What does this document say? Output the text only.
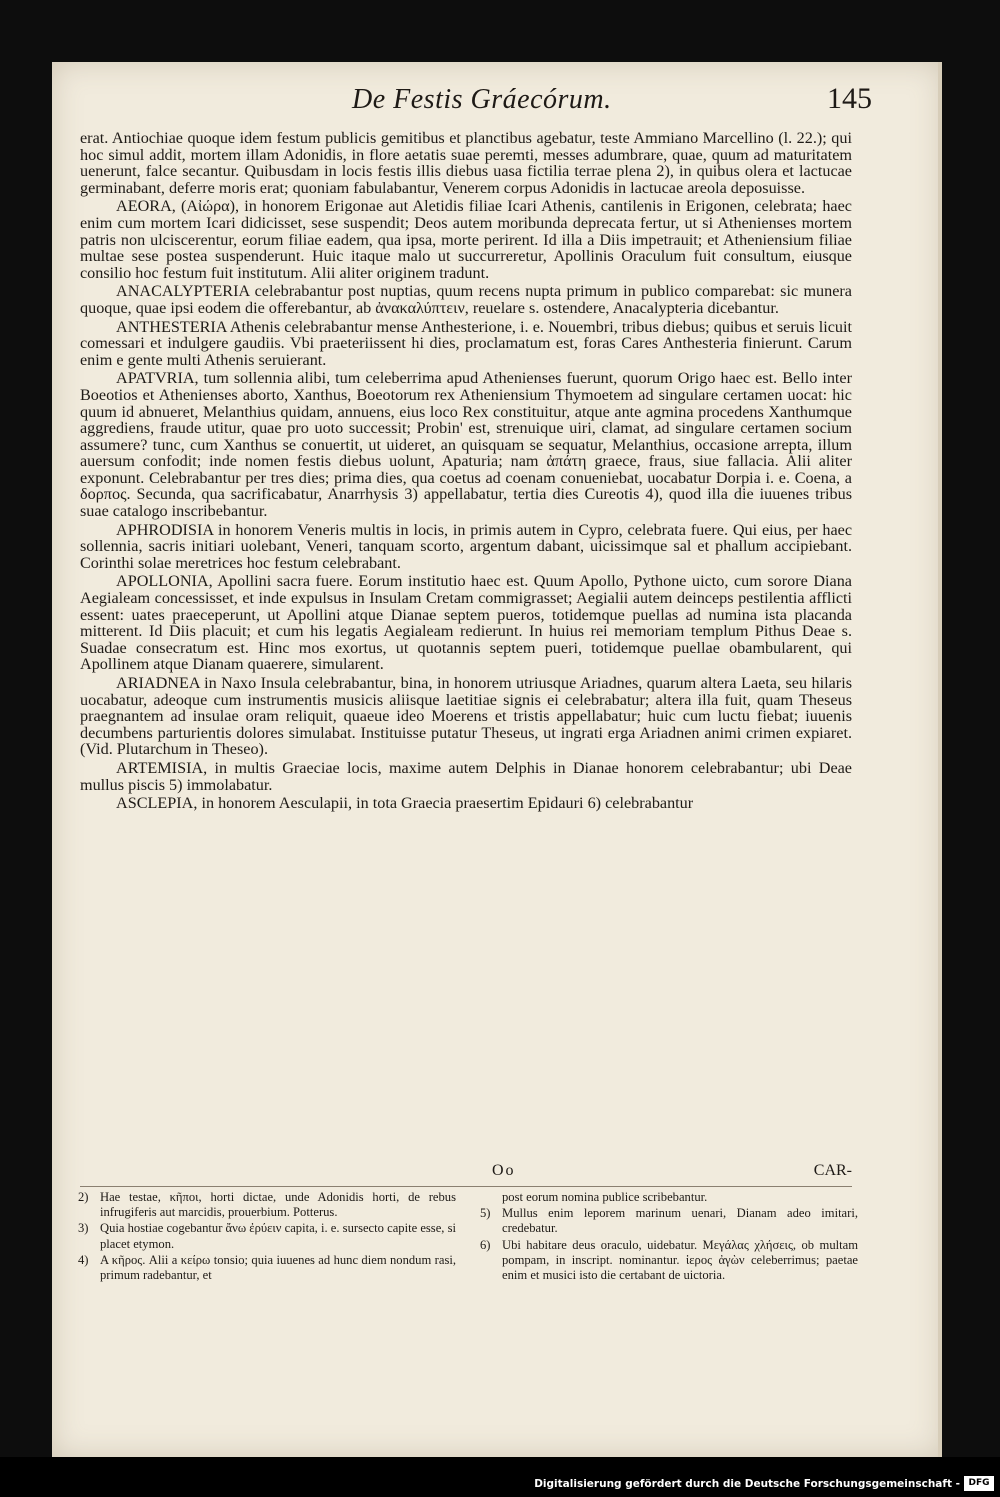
De Festis Gráecórum.	145

erat. Antiochiae quoque idem festum publicis gemitibus et planctibus agebatur, teste Ammiano Marcellino (l. 22.); qui hoc simul addit, mortem illam Adonidis, in flore aetatis suae peremti, messes adumbrare, quae, quum ad maturitatem uenerunt, falce secantur. Quibusdam in locis festis illis diebus uasa fictilia terrae plena 2), in quibus olera et lactucae germinabant, deferre moris erat; quoniam fabulabantur, Venerem corpus Adonidis in lactucae areola deposuisse.

AEORA, (Αἰώρα), in honorem Erigonae aut Aletidis filiae Icari Athenis, cantilenis in Erigonen, celebrata; haec enim cum mortem Icari didicisset, sese suspendit; Deos autem moribunda deprecata fertur, ut si Athenienses mortem patris non ulciscerentur, eorum filiae eadem, qua ipsa, morte perirent. Id illa a Diis impetrauit; et Atheniensium filiae multae sese postea suspenderunt. Huic itaque malo ut succurreretur, Apollinis Oraculum fuit consultum, eiusque consilio hoc festum fuit institutum. Alii aliter originem tradunt.

ANACALYPTERIA celebrabantur post nuptias, quum recens nupta primum in publico comparebat: sic munera quoque, quae ipsi eodem die offerebantur, ab ἀνακαλύπτειν, reuelare s. ostendere, Anacalypteria dicebantur.

ANTHESTERIA Athenis celebrabantur mense Anthesterione, i. e. Nouembri, tribus diebus; quibus et seruis licuit comessari et indulgere gaudiis. Vbi praeteriissent hi dies, proclamatum est, foras Cares Anthesteria finierunt. Carum enim e gente multi Athenis seruierant.

APATVRIA, tum sollennia alibi, tum celeberrima apud Athenienses fuerunt, quorum Origo haec est. Bello inter Boeotios et Athenienses aborto, Xanthus, Boeotorum rex Atheniensium Thymoetem ad singulare certamen uocat: hic quum id abnueret, Melanthius quidam, annuens, eius loco Rex constituitur, atque ante agmina procedens Xanthumque aggrediens, fraude utitur, quae pro uoto successit; Probin' est, strenuique uiri, clamat, ad singulare certamen socium assumere? tunc, cum Xanthus se conuertit, ut uideret, an quisquam se sequatur, Melanthius, occasione arrepta, illum auersum confodit; inde nomen festis diebus uolunt, Apaturia; nam ἀπάτη graece, fraus, siue fallacia. Alii aliter exponunt. Celebrabantur per tres dies; prima dies, qua coetus ad coenam conueniebat, uocabatur Dorpia i. e. Coena, a δορπος. Secunda, qua sacrificabatur, Anarrhysis 3) appellabatur, tertia dies Cureotis 4), quod illa die iuuenes tribus suae catalogo inscribebantur.

APHRODISIA in honorem Veneris multis in locis, in primis autem in Cypro, celebrata fuere. Qui eius, per haec sollennia, sacris initiari uolebant, Veneri, tanquam scorto, argentum dabant, uicissimque sal et phallum accipiebant. Corinthi solae meretrices hoc festum celebrabant.

APOLLONIA, Apollini sacra fuere. Eorum institutio haec est. Quum Apollo, Pythone uicto, cum sorore Diana Aegialeam concessisset, et inde expulsus in Insulam Cretam commigrasset; Aegialii autem deinceps pestilentia afflicti essent: uates praeceperunt, ut Apollini atque Dianae septem pueros, totidemque puellas ad numina ista placanda mitterent. Id Diis placuit; et cum his legatis Aegialeam redierunt. In huius rei memoriam templum Pithus Deae s. Suadae consecratum est. Hinc mos exortus, ut quotannis septem pueri, totidemque puellae obambularent, qui Apollinem atque Dianam quaerere, simularent.

ARIADNEA in Naxo Insula celebrabantur, bina, in honorem utriusque Ariadnes, quarum altera Laeta, seu hilaris uocabatur, adeoque cum instrumentis musicis aliisque laetitiae signis ei celebrabatur; altera illa fuit, quam Theseus praegnantem ad insulae oram reliquit, quaeue ideo Moerens et tristis appellabatur; huic cum luctu fiebat; iuuenis decumbens parturientis dolores simulabat. Instituisse putatur Theseus, ut ingrati erga Ariadnen animi crimen expiaret. (Vid. Plutarchum in Theseo).

ARTEMISIA, in multis Graeciae locis, maxime autem Delphis in Dianae honorem celebrabantur; ubi Deae mullus piscis 5) immolabatur.

ASCLEPIA, in honorem Aesculapii, in tota Graecia praesertim Epidauri 6) celebrabantur

Oo	CAR-
2) Hae testae, κῆποι, horti dictae, unde Adonidis horti, de rebus infrugiferis aut marcidis, prouerbium. Potterus.
3) Quia hostiae cogebantur ἄνω ἐρύειν capita, i. e. sursecto capite esse, si placet etymon.
4) A κῆρος. Alii a κείρω tonsio; quia iuuenes ad hunc diem nondum rasi, primum radebantur, et
post eorum nomina publice scribebantur.
5) Mullus enim leporem marinum uenari, Dianam adeo imitari, credebatur.
6) Ubi habitare deus oraculo, uidebatur. Μεγάλας χλήσεις, ob multam pompam, in inscript. nominantur. ἱερος ἀγὼν celeberrimus; paetae enim et musici isto die certabant de uictoria.
Digitalisierung gefördert durch die Deutsche Forschungsgemeinschaft - DFG
